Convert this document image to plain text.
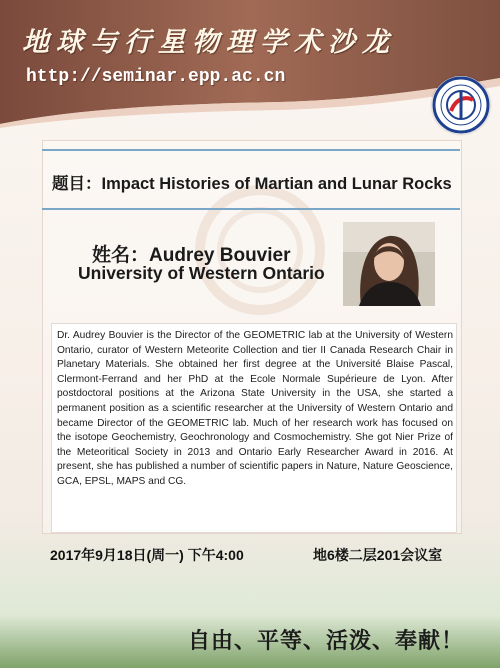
地球与行星物理学术沙龙
http://seminar.epp.ac.cn
题目：Impact Histories of Martian and Lunar Rocks
姓名：Audrey Bouvier
University of Western Ontario

Dr. Audrey Bouvier is the Director of the GEOMETRIC lab at the University of Western Ontario, curator of Western Meteorite Collection and tier II Canada Research Chair in Planetary Materials. She obtained her first degree at the Université Blaise Pascal, Clermont-Ferrand and her PhD at the Ecole Normale Supérieure de Lyon. After postdoctoral positions at the Arizona State University in the USA, she started a permanent position as a scientific researcher at the University of Western Ontario and became Director of the GEOMETRIC lab. Much of her research work has focused on the isotope Geochemistry, Geochronology and Cosmochemistry. She got Nier Prize of the Meteoritical Society in 2013 and Ontario Early Researcher Award in 2016. At present, she has published a number of scientific papers in Nature, Nature Geoscience, GCA, EPSL, MAPS and CG.

2017年9月18日(周一) 下午4:00	地6楼二层201会议室
自由、平等、活泼、奉献！
